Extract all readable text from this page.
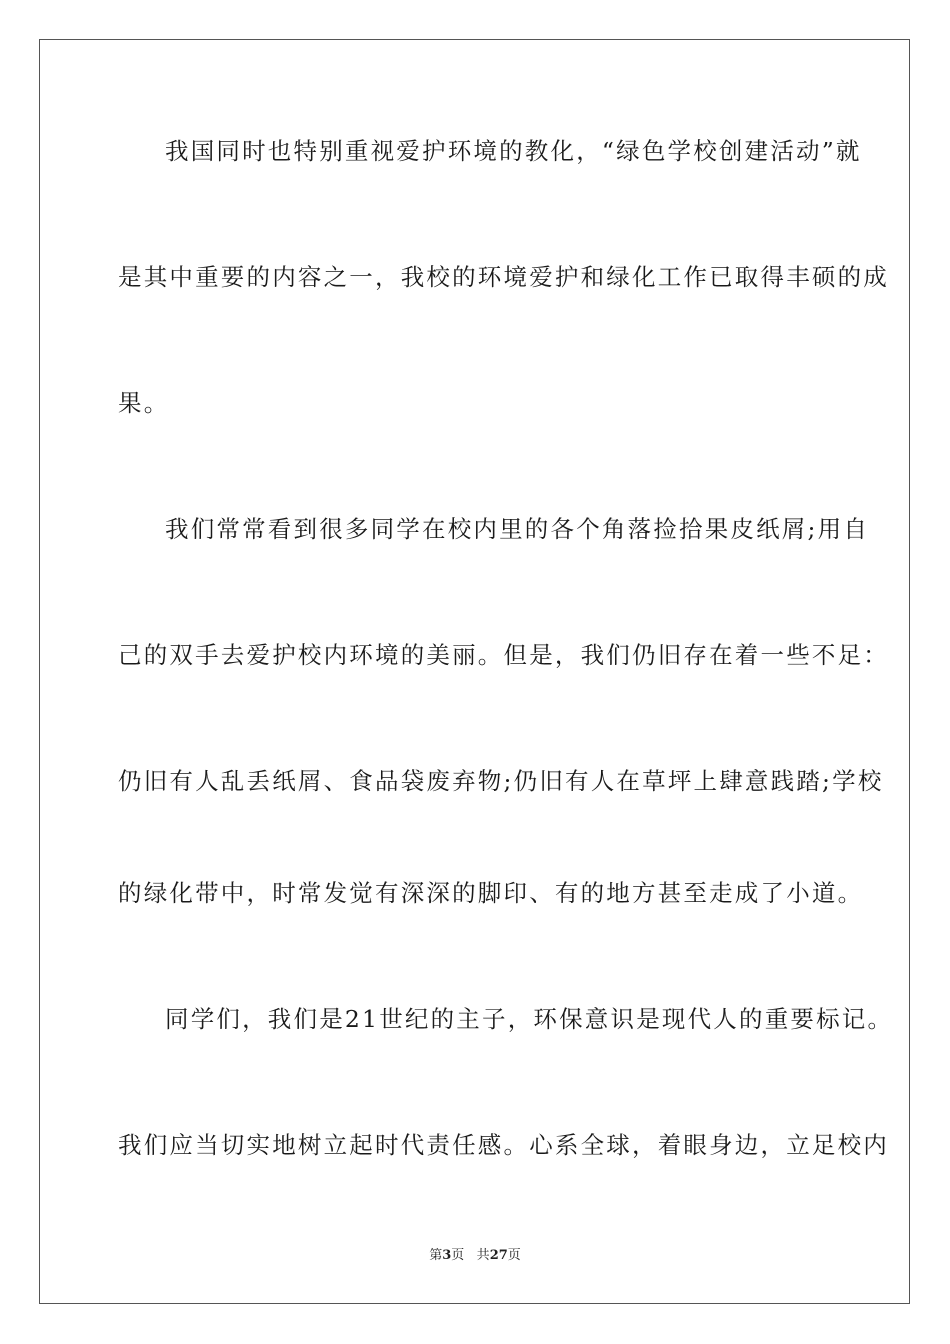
我国同时也特别重视爱护环境的教化，“绿色学校创建活动”就
是其中重要的内容之一，我校的环境爱护和绿化工作已取得丰硕的成
果。
我们常常看到很多同学在校内里的各个角落捡拾果皮纸屑;用自
己的双手去爱护校内环境的美丽。但是，我们仍旧存在着一些不足：
仍旧有人乱丢纸屑、食品袋废弃物;仍旧有人在草坪上肆意践踏;学校
的绿化带中，时常发觉有深深的脚印、有的地方甚至走成了小道。
同学们，我们是21世纪的主子，环保意识是现代人的重要标记。
我们应当切实地树立起时代责任感。心系全球，着眼身边，立足校内
第3页 共27页
